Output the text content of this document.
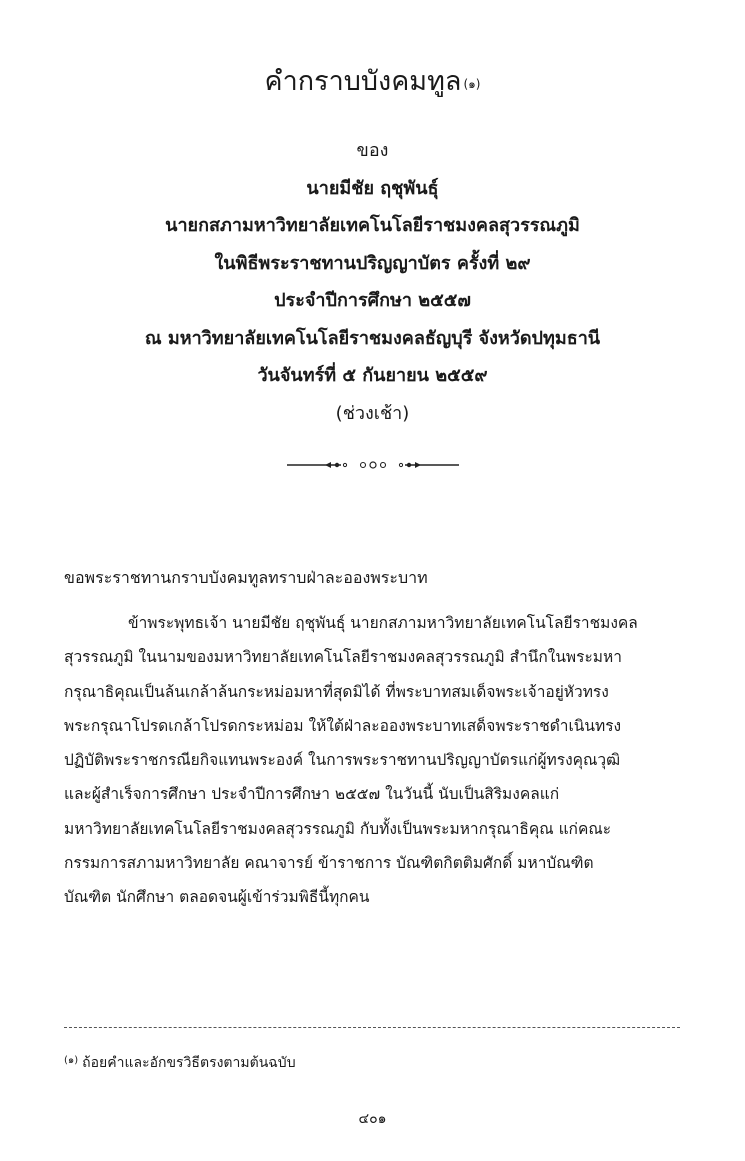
คำกราบบังคมทูล $^{(๑)}$
ของ
นายมีชัย ฤชุพันธุ์
นายกสภามหาวิทยาลัยเทคโนโลยีราชมงคลสุวรรณภูมิ
ในพิธีพระราชทานปริญญาบัตร ครั้งที่ ๒๙
ประจำปีการศึกษา ๒๕๕๗
ณ มหาวิทยาลัยเทคโนโลยีราชมงคลธัญบุรี จังหวัดปทุมธานี
วันจันทร์ที่ ๕ กันยายน ๒๕๕๙
(ช่วงเช้า)
ขอพระราชทานกราบบังคมทูลทราบฝ่าละอองพระบาท
ข้าพระพุทธเจ้า นายมีชัย ฤชุพันธุ์ นายกสภามหาวิทยาลัยเทคโนโลยีราชมงคล
สุวรรณภูมิ ในนามของมหาวิทยาลัยเทคโนโลยีราชมงคลสุวรรณภูมิ สำนึกในพระมหา
กรุณาธิคุณเป็นล้นเกล้าล้นกระหม่อมหาที่สุดมิได้ ที่พระบาทสมเด็จพระเจ้าอยู่หัวทรง
พระกรุณาโปรดเกล้าโปรดกระหม่อม ให้ใต้ฝ่าละอองพระบาทเสด็จพระราชดำเนินทรง
ปฏิบัติพระราชกรณียกิจแทนพระองค์ ในการพระราชทานปริญญาบัตรแก่ผู้ทรงคุณวุฒิ
และผู้สำเร็จการศึกษา ประจำปีการศึกษา ๒๕๕๗ ในวันนี้ นับเป็นสิริมงคลแก่
มหาวิทยาลัยเทคโนโลยีราชมงคลสุวรรณภูมิ กับทั้งเป็นพระมหากรุณาธิคุณ แก่คณะ
กรรมการสภามหาวิทยาลัย คณาจารย์ ข้าราชการ บัณฑิตกิตติมศักดิ์ มหาบัณฑิต
บัณฑิต นักศึกษา ตลอดจนผู้เข้าร่วมพิธีนี้ทุกคน
$^{(๑)}$ ถ้อยคำและอักขรวิธีตรงตามต้นฉบับ
๔๐๑
